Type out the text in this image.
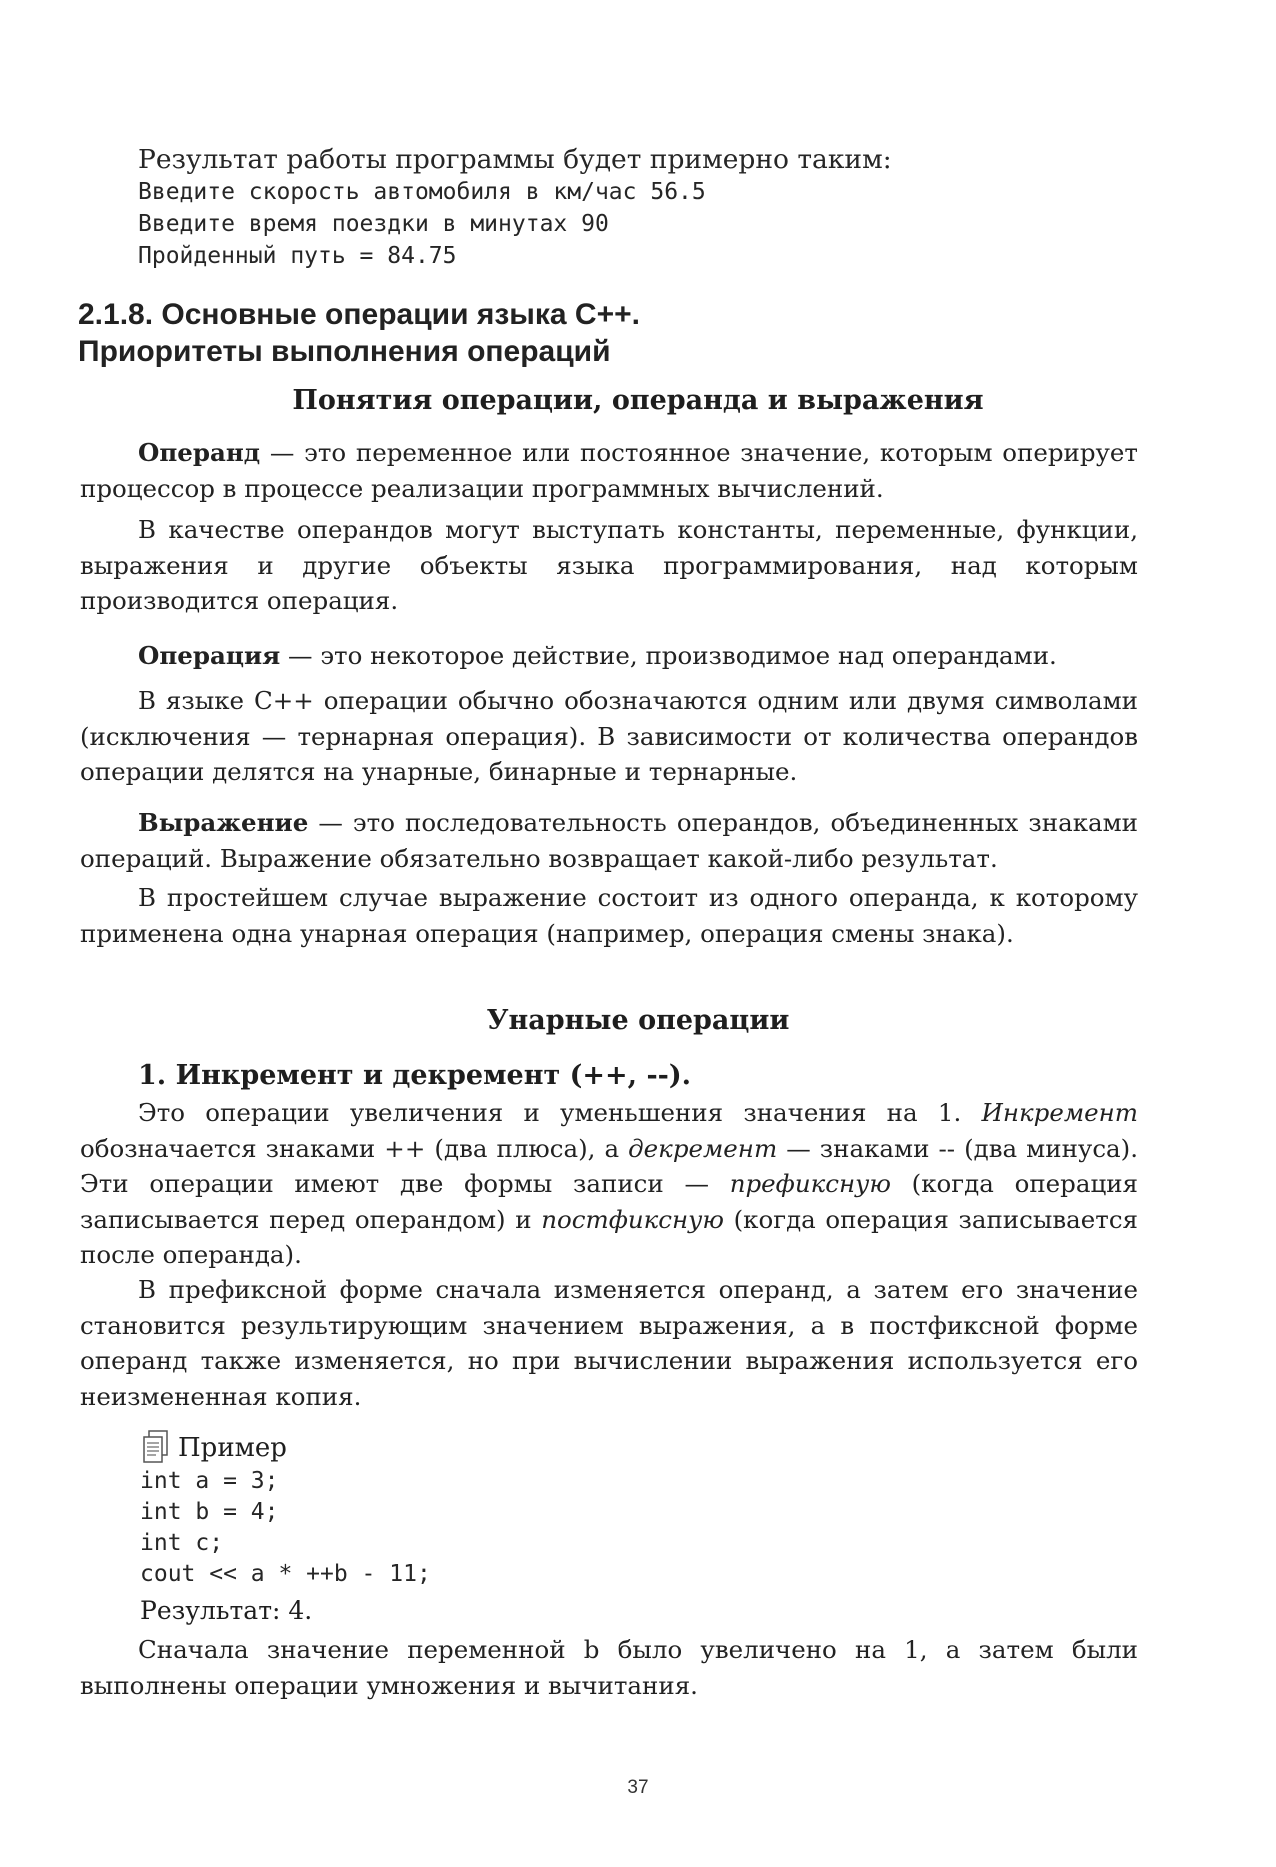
Результат работы программы будет примерно таким:
Введите скорость автомобиля в км/час 56.5
Введите время поездки в минутах 90
Пройденный путь = 84.75
2.1.8. Основные операции языка С++.
Приоритеты выполнения операций
Понятия операции, операнда и выражения
Операнд — это переменное или постоянное значение, которым оперирует процессор в процессе реализации программных вычислений.
В качестве операндов могут выступать константы, переменные, функции, выражения и другие объекты языка программирования, над которым производится операция.
Операция — это некоторое действие, производимое над операндами.
В языке C++ операции обычно обозначаются одним или двумя символами (исключения — тернарная операция). В зависимости от количества операндов операции делятся на унарные, бинарные и тернарные.
Выражение — это последовательность операндов, объединенных знаками операций. Выражение обязательно возвращает какой-либо результат.
В простейшем случае выражение состоит из одного операнда, к которому применена одна унарная операция (например, операция смены знака).
Унарные операции
1. Инкремент и декремент (++, --).
Это операции увеличения и уменьшения значения на 1. Инкремент обозначается знаками ++ (два плюса), а декремент — знаками -- (два минуса). Эти операции имеют две формы записи — префиксную (когда операция записывается перед операндом) и постфиксную (когда операция записывается после операнда).
В префиксной форме сначала изменяется операнд, а затем его значение становится результирующим значением выражения, а в постфиксной форме операнд также изменяется, но при вычислении выражения используется его неизмененная копия.
Пример
int a = 3;
int b = 4;
int c;
cout << a * ++b - 11;
Результат: 4.
Сначала значение переменной b было увеличено на 1, а затем были выполнены операции умножения и вычитания.
37
